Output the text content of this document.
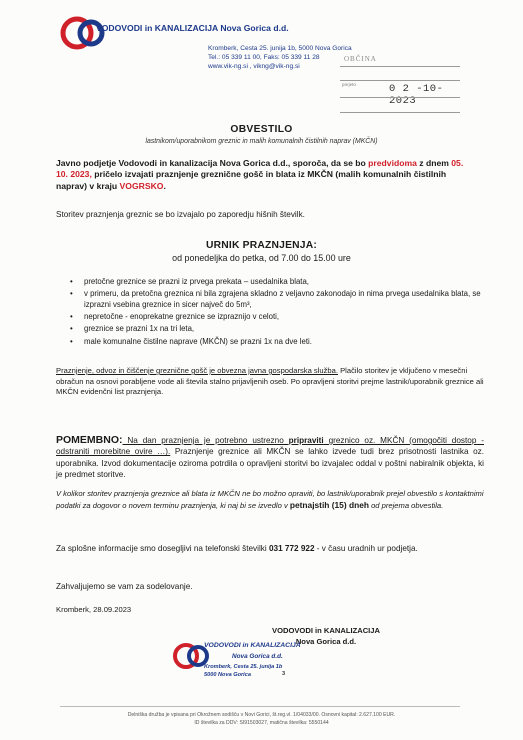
VODOVODI in KANALIZACIJA Nova Gorica d.d.
Kromberk, Cesta 25. junija 1b, 5000 Nova Gorica
Tel.: 05 339 11 00, Faks: 05 339 11 28
www.vik-ng.si , vikng@vik-ng.si
OBČINA
prejeto	0 2 -10- 2023
OBVESTILO
lastnikom/uporabnikom greznic in malih komunalnih čistilnih naprav (MKČN)
Javno podjetje Vodovodi in kanalizacija Nova Gorica d.d., sporoča, da se bo predvidoma z dnem 05. 10. 2023, pričelo izvajati praznjenje greznične gošč in blata iz MKČN (malih komunalnih čistilnih naprav) v kraju VOGRSKO.
Storitev praznjenja greznic se bo izvajalo po zaporedju hišnih številk.
URNIK PRAZNJENJA:
od ponedeljka do petka, od 7.00 do 15.00 ure
• pretočne greznice se prazni iz prvega prekata – usedalnika blata,
• v primeru, da pretočna greznica ni bila zgrajena skladno z veljavno zakonodajo in nima prvega usedalnika blata, se izprazni vsebina greznice in sicer največ do 5m³,
• nepretočne - enoprekatne greznice se izpraznijo v celoti,
• greznice se prazni 1x na tri leta,
• male komunalne čistilne naprave (MKČN) se prazni 1x na dve leti.
Praznjenje, odvoz in čiščenje greznične gošč je obvezna javna gospodarska služba. Plačilo storitev je vključeno v mesečni obračun na osnovi porabljene vode ali števila stalno prijavljenih oseb. Po opravljeni storitvi prejme lastnik/uporabnik greznice ali MKČN evidenčni list praznjenja.
POMEMBNO: Na dan praznjenja je potrebno ustrezno pripraviti greznico oz. MKČN (omogočiti dostop - odstraniti morebitne ovire …). Praznjenje greznice ali MKČN se lahko izvede tudi brez prisotnosti lastnika oz. uporabnika. Izvod dokumentacije oziroma potrdila o opravljeni storitvi bo izvajalec oddal v poštni nabiralnik objekta, ki je predmet storitve.
V kolikor storitev praznjenja greznice ali blata iz MKČN ne bo možno opraviti, bo lastnik/uporabnik prejel obvestilo s kontaktnimi podatki za dogovor o novem terminu praznjenja, ki naj bi se izvedlo v petnajstih (15) dneh od prejema obvestila.
Za splošne informacije smo dosegljivi na telefonski številki 031 772 922 - v času uradnih ur podjetja.
Zahvaljujemo se vam za sodelovanje.
Kromberk, 28.09.2023
VODOVODI in KANALIZACIJA
Nova Gorica d.d.
VODOVODI in KANALIZACIJA
Nova Gorica d.d.
Kromberk, Cesta 25. junija 1b
5000 Nova Gorica	3
Delniška družba je vpisana pri Okrožnem sodišču v Novi Gorici, št.reg.vl. 1/04033/00. Osnovni kapital: 2.627.100 EUR.
ID številka za DDV: SI91503027, matična številka: 5550144
